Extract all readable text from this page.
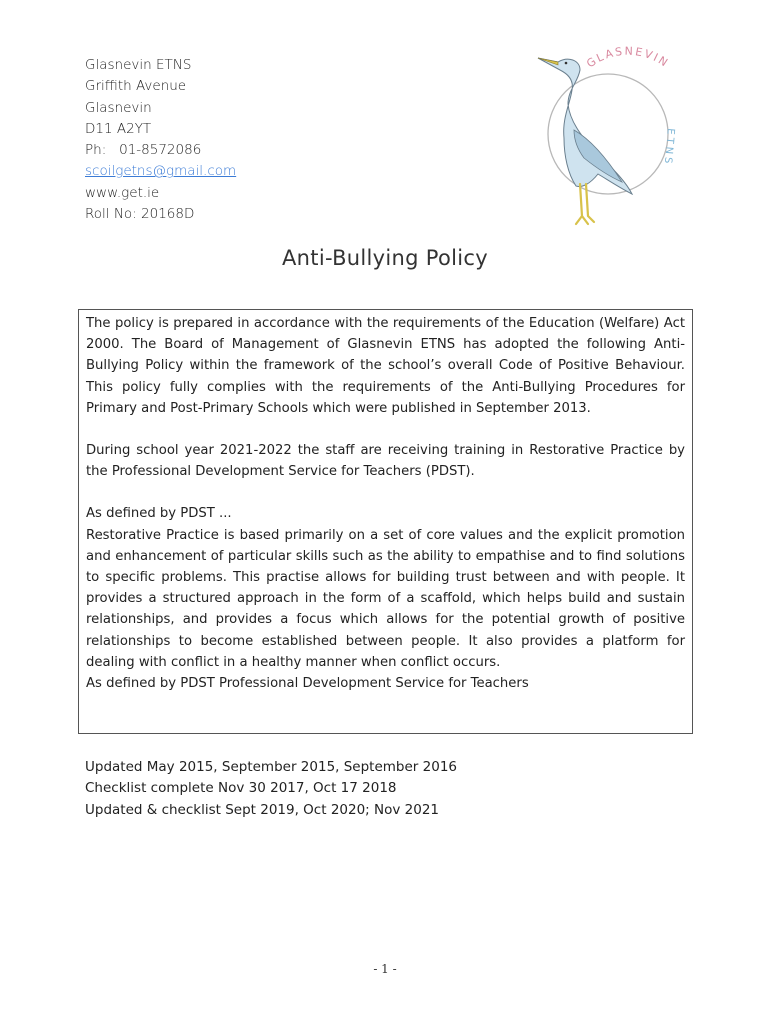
Glasnevin ETNS
Griffith Avenue
Glasnevin
D11 A2YT
Ph:   01-8572086
scoilgetns@gmail.com
www.get.ie
Roll No: 20168D
GLASNEVIN
ETNS
Anti-Bullying Policy

The policy is prepared in accordance with the requirements of the Education (Welfare) Act 2000. The Board of Management of Glasnevin ETNS has adopted the following Anti-Bullying Policy within the framework of the school’s overall Code of Positive Behaviour. This policy fully complies with the requirements of the Anti-Bullying Procedures for Primary and Post-Primary Schools which were published in September 2013.

During school year 2021-2022 the staff are receiving training in Restorative Practice by the Professional Development Service for Teachers (PDST).

As defined by PDST ...

Restorative Practice is based primarily on a set of core values and the explicit promotion and enhancement of particular skills such as the ability to empathise and to find solutions to specific problems. This practise allows for building trust between and with people. It provides a structured approach in the form of a scaffold, which helps build and sustain relationships, and provides a focus which allows for the potential growth of positive relationships to become established between people. It also provides a platform for dealing with conflict in a healthy manner when conflict occurs.

As defined by PDST Professional Development Service for Teachers

Updated May 2015, September 2015, September 2016
Checklist complete Nov 30 2017, Oct 17 2018
Updated & checklist Sept 2019, Oct 2020; Nov 2021
- 1 -
